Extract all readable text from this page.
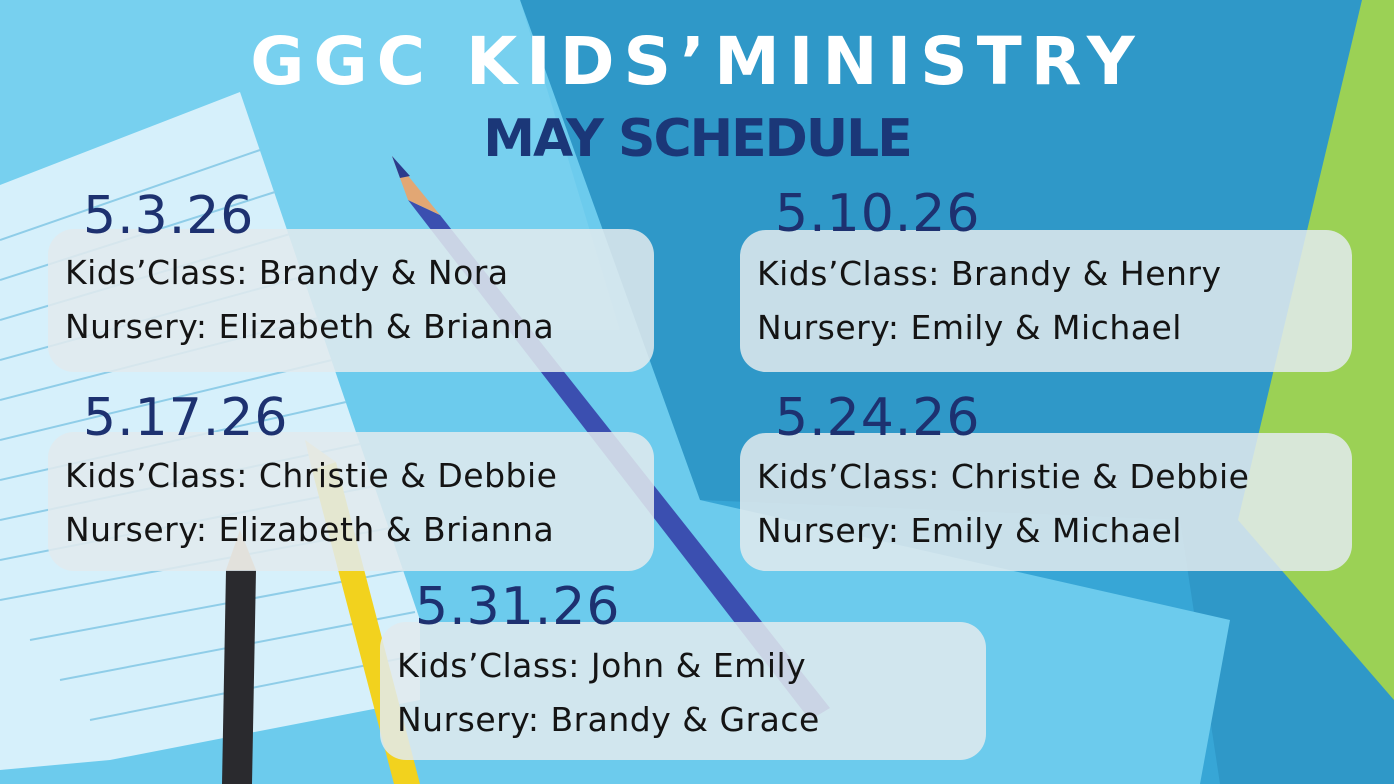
GGC KIDS’MINISTRY
MAY SCHEDULE
Kids’Class: Brandy & Nora
Nursery: Elizabeth & Brianna
5.3.26
Kids’Class: Brandy & Henry
Nursery: Emily & Michael
5.10.26
Kids’Class: Christie & Debbie
Nursery: Elizabeth & Brianna
5.17.26
Kids’Class: Christie & Debbie
Nursery: Emily & Michael
5.24.26
Kids’Class: John & Emily
Nursery: Brandy & Grace
5.31.26
